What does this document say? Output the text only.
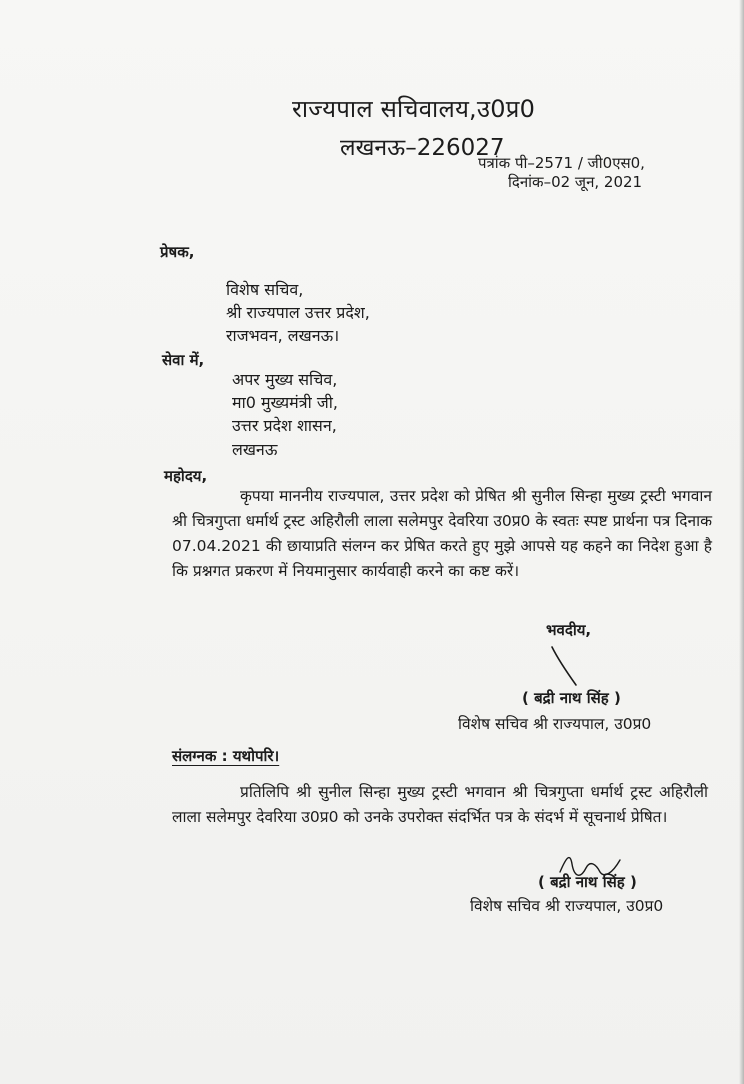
राज्यपाल सचिवालय,उ0प्र0
लखनऊ–226027
पत्रांक पी–2571 / जी0एस0,
दिनांक–02 जून, 2021
प्रेषक,
विशेष सचिव,
श्री राज्यपाल उत्तर प्रदेश,
राजभवन, लखनऊ।
सेवा में,
अपर मुख्य सचिव,
मा0 मुख्यमंत्री जी,
उत्तर प्रदेश शासन,
लखनऊ
महोदय,
कृपया माननीय राज्यपाल, उत्तर प्रदेश को प्रेषित श्री सुनील सिन्हा मुख्य ट्रस्टी भगवान श्री चित्रगुप्ता धर्मार्थ ट्रस्ट अहिरौली लाला सलेमपुर देवरिया उ0प्र0 के स्वतः स्पष्ट प्रार्थना पत्र दिनाक 07.04.2021 की छायाप्रति संलग्न कर प्रेषित करते हुए मुझे आपसे यह कहने का निदेश हुआ है कि प्रश्नगत प्रकरण में नियमानुसार कार्यवाही करने का कष्ट करें।
भवदीय,
( बद्री नाथ सिंह )
विशेष सचिव श्री राज्यपाल, उ0प्र0
संलग्नक : यथोपरि।
प्रतिलिपि श्री सुनील सिन्हा मुख्य ट्रस्टी भगवान श्री चित्रगुप्ता धर्मार्थ ट्रस्ट अहिरौली लाला सलेमपुर देवरिया उ0प्र0 को उनके उपरोक्त संदर्भित पत्र के संदर्भ में सूचनार्थ प्रेषित।
( बद्री नाथ सिंह )
विशेष सचिव श्री राज्यपाल, उ0प्र0
